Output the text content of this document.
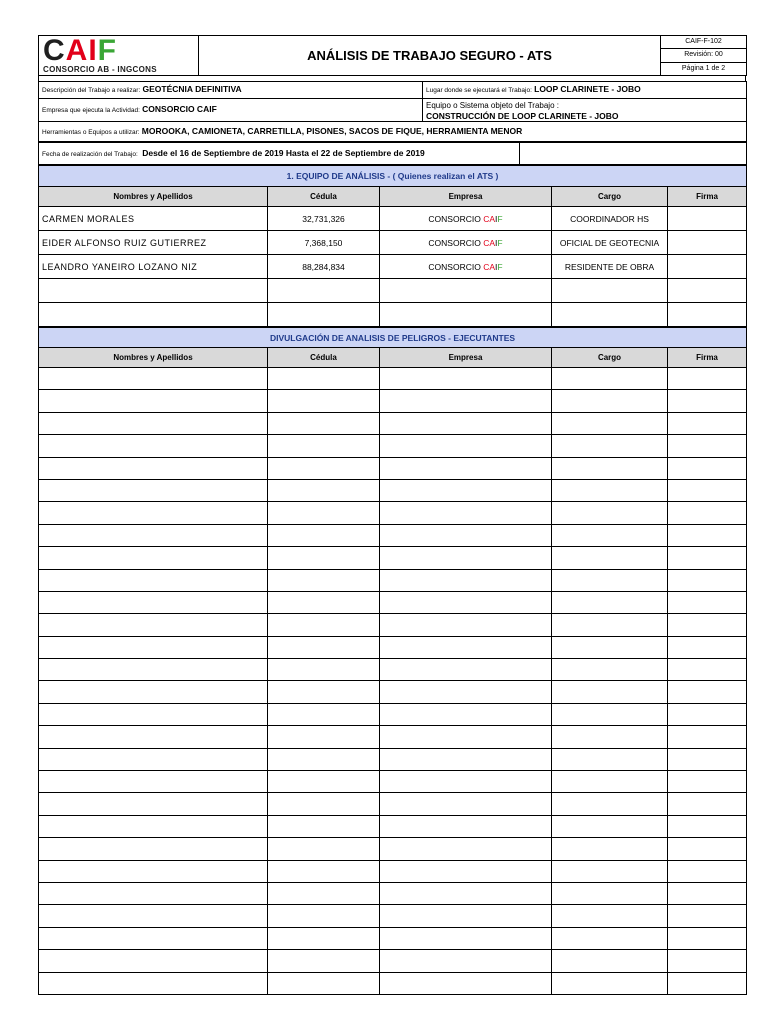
CAIF
CONSORCIO AB - INGCONS
	ANÁLISIS DE TRABAJO SEGURO - ATS	CAIF-F-102
Revisión: 00
Página 1 de 2
Descripción del Trabajo a realizar: GEOTÉCNIA DEFINITIVA	Lugar donde se ejecutará el Trabajo: LOOP CLARINETE - JOBO
Empresa que ejecuta la Actividad: CONSORCIO CAIF	Equipo o Sistema objeto del Trabajo :
CONSTRUCCIÓN DE LOOP CLARINETE - JOBO

Herramientas o Equipos a utilizar: MOROOKA, CAMIONETA, CARRETILLA, PISONES, SACOS DE FIQUE, HERRAMIENTA MENOR	
Fecha de realización del Trabajo: Desde el 16 de Septiembre de 2019 Hasta el 22 de Septiembre de 2019	
1. EQUIPO DE ANÁLISIS - ( Quienes realizan el ATS )				
Nombres y Apellidos	Cédula	Empresa	Cargo	Firma
CARMEN MORALES	32,731,326	CONSORCIO CAIF	COORDINADOR HS	
EIDER ALFONSO RUIZ GUTIERREZ	7,368,150	CONSORCIO CAIF	OFICIAL DE GEOTECNIA	
LEANDRO YANEIRO LOZANO NIZ	88,284,834	CONSORCIO CAIF	RESIDENTE DE OBRA	

DIVULGACIÓN DE ANALISIS DE PELIGROS - EJECUTANTES				
Nombres y Apellidos	Cédula	Empresa	Cargo	Firma
